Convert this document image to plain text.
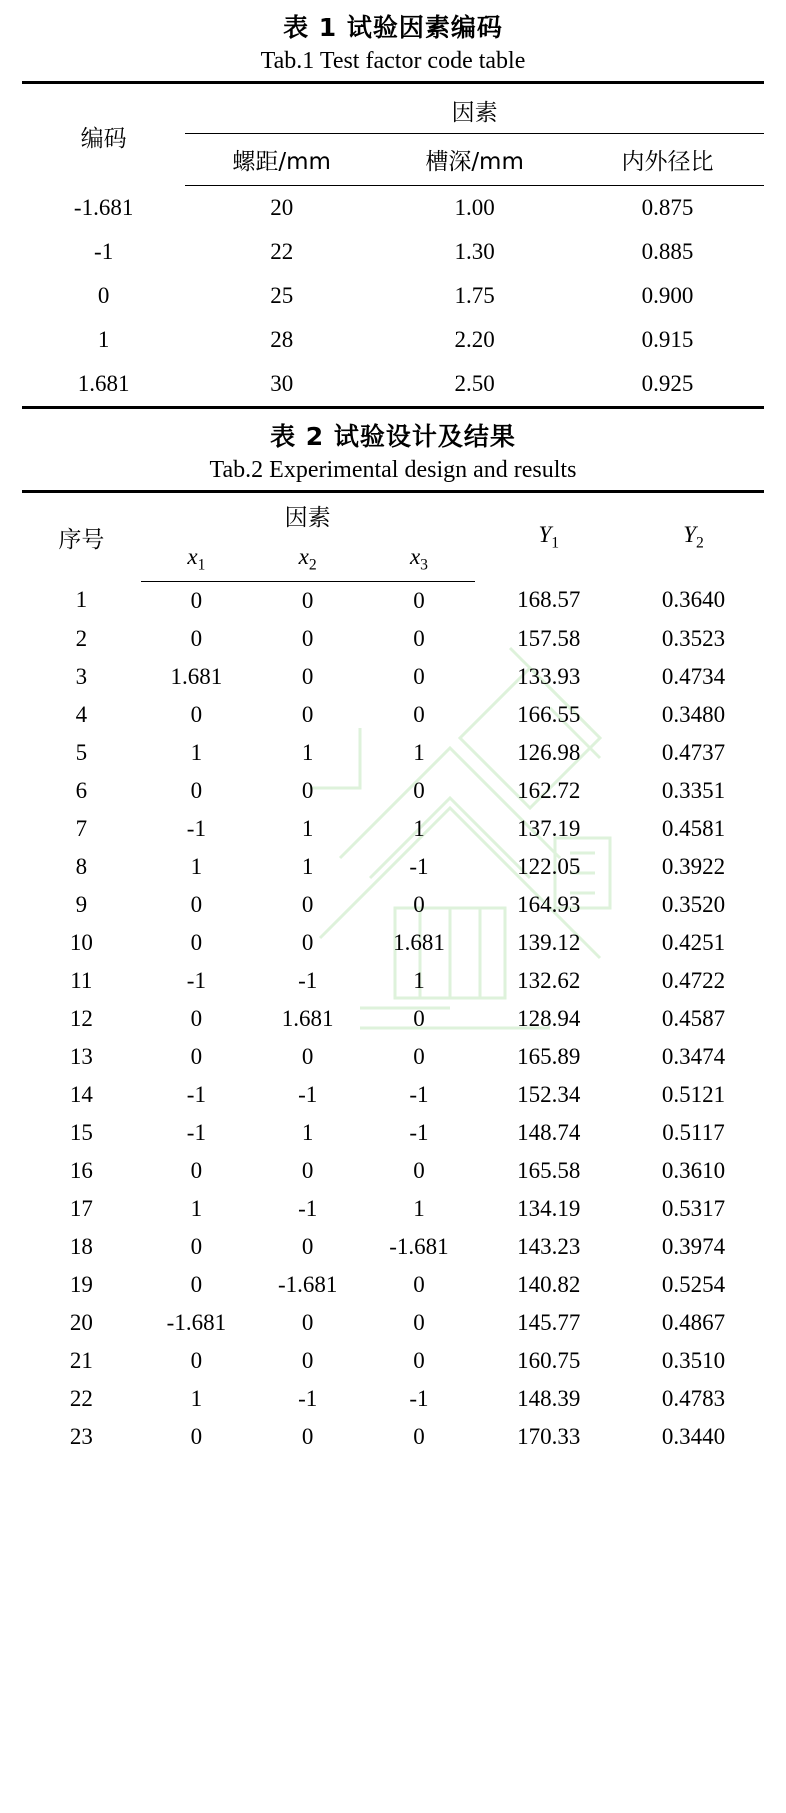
表 1 试验因素编码
Tab.1 Test factor code table
编码	因素		
	螺距/mm	槽深/mm	内外径比
-1.681	20	1.00	0.875
-1	22	1.30	0.885
0	25	1.75	0.900
1	28	2.20	0.915
1.681	30	2.50	0.925
表 2 试验设计及结果
Tab.2 Experimental design and results
序号	因素			$Y_1$	$Y_2$
	$x_1$	$x_2$	$x_3$
1	0	0	0	168.57	0.3640
2	0	0	0	157.58	0.3523
3	1.681	0	0	133.93	0.4734
4	0	0	0	166.55	0.3480
5	1	1	1	126.98	0.4737
6	0	0	0	162.72	0.3351
7	-1	1	1	137.19	0.4581
8	1	1	-1	122.05	0.3922
9	0	0	0	164.93	0.3520
10	0	0	1.681	139.12	0.4251
11	-1	-1	1	132.62	0.4722
12	0	1.681	0	128.94	0.4587
13	0	0	0	165.89	0.3474
14	-1	-1	-1	152.34	0.5121
15	-1	1	-1	148.74	0.5117
16	0	0	0	165.58	0.3610
17	1	-1	1	134.19	0.5317
18	0	0	-1.681	143.23	0.3974
19	0	-1.681	0	140.82	0.5254
20	-1.681	0	0	145.77	0.4867
21	0	0	0	160.75	0.3510
22	1	-1	-1	148.39	0.4783
23	0	0	0	170.33	0.3440
